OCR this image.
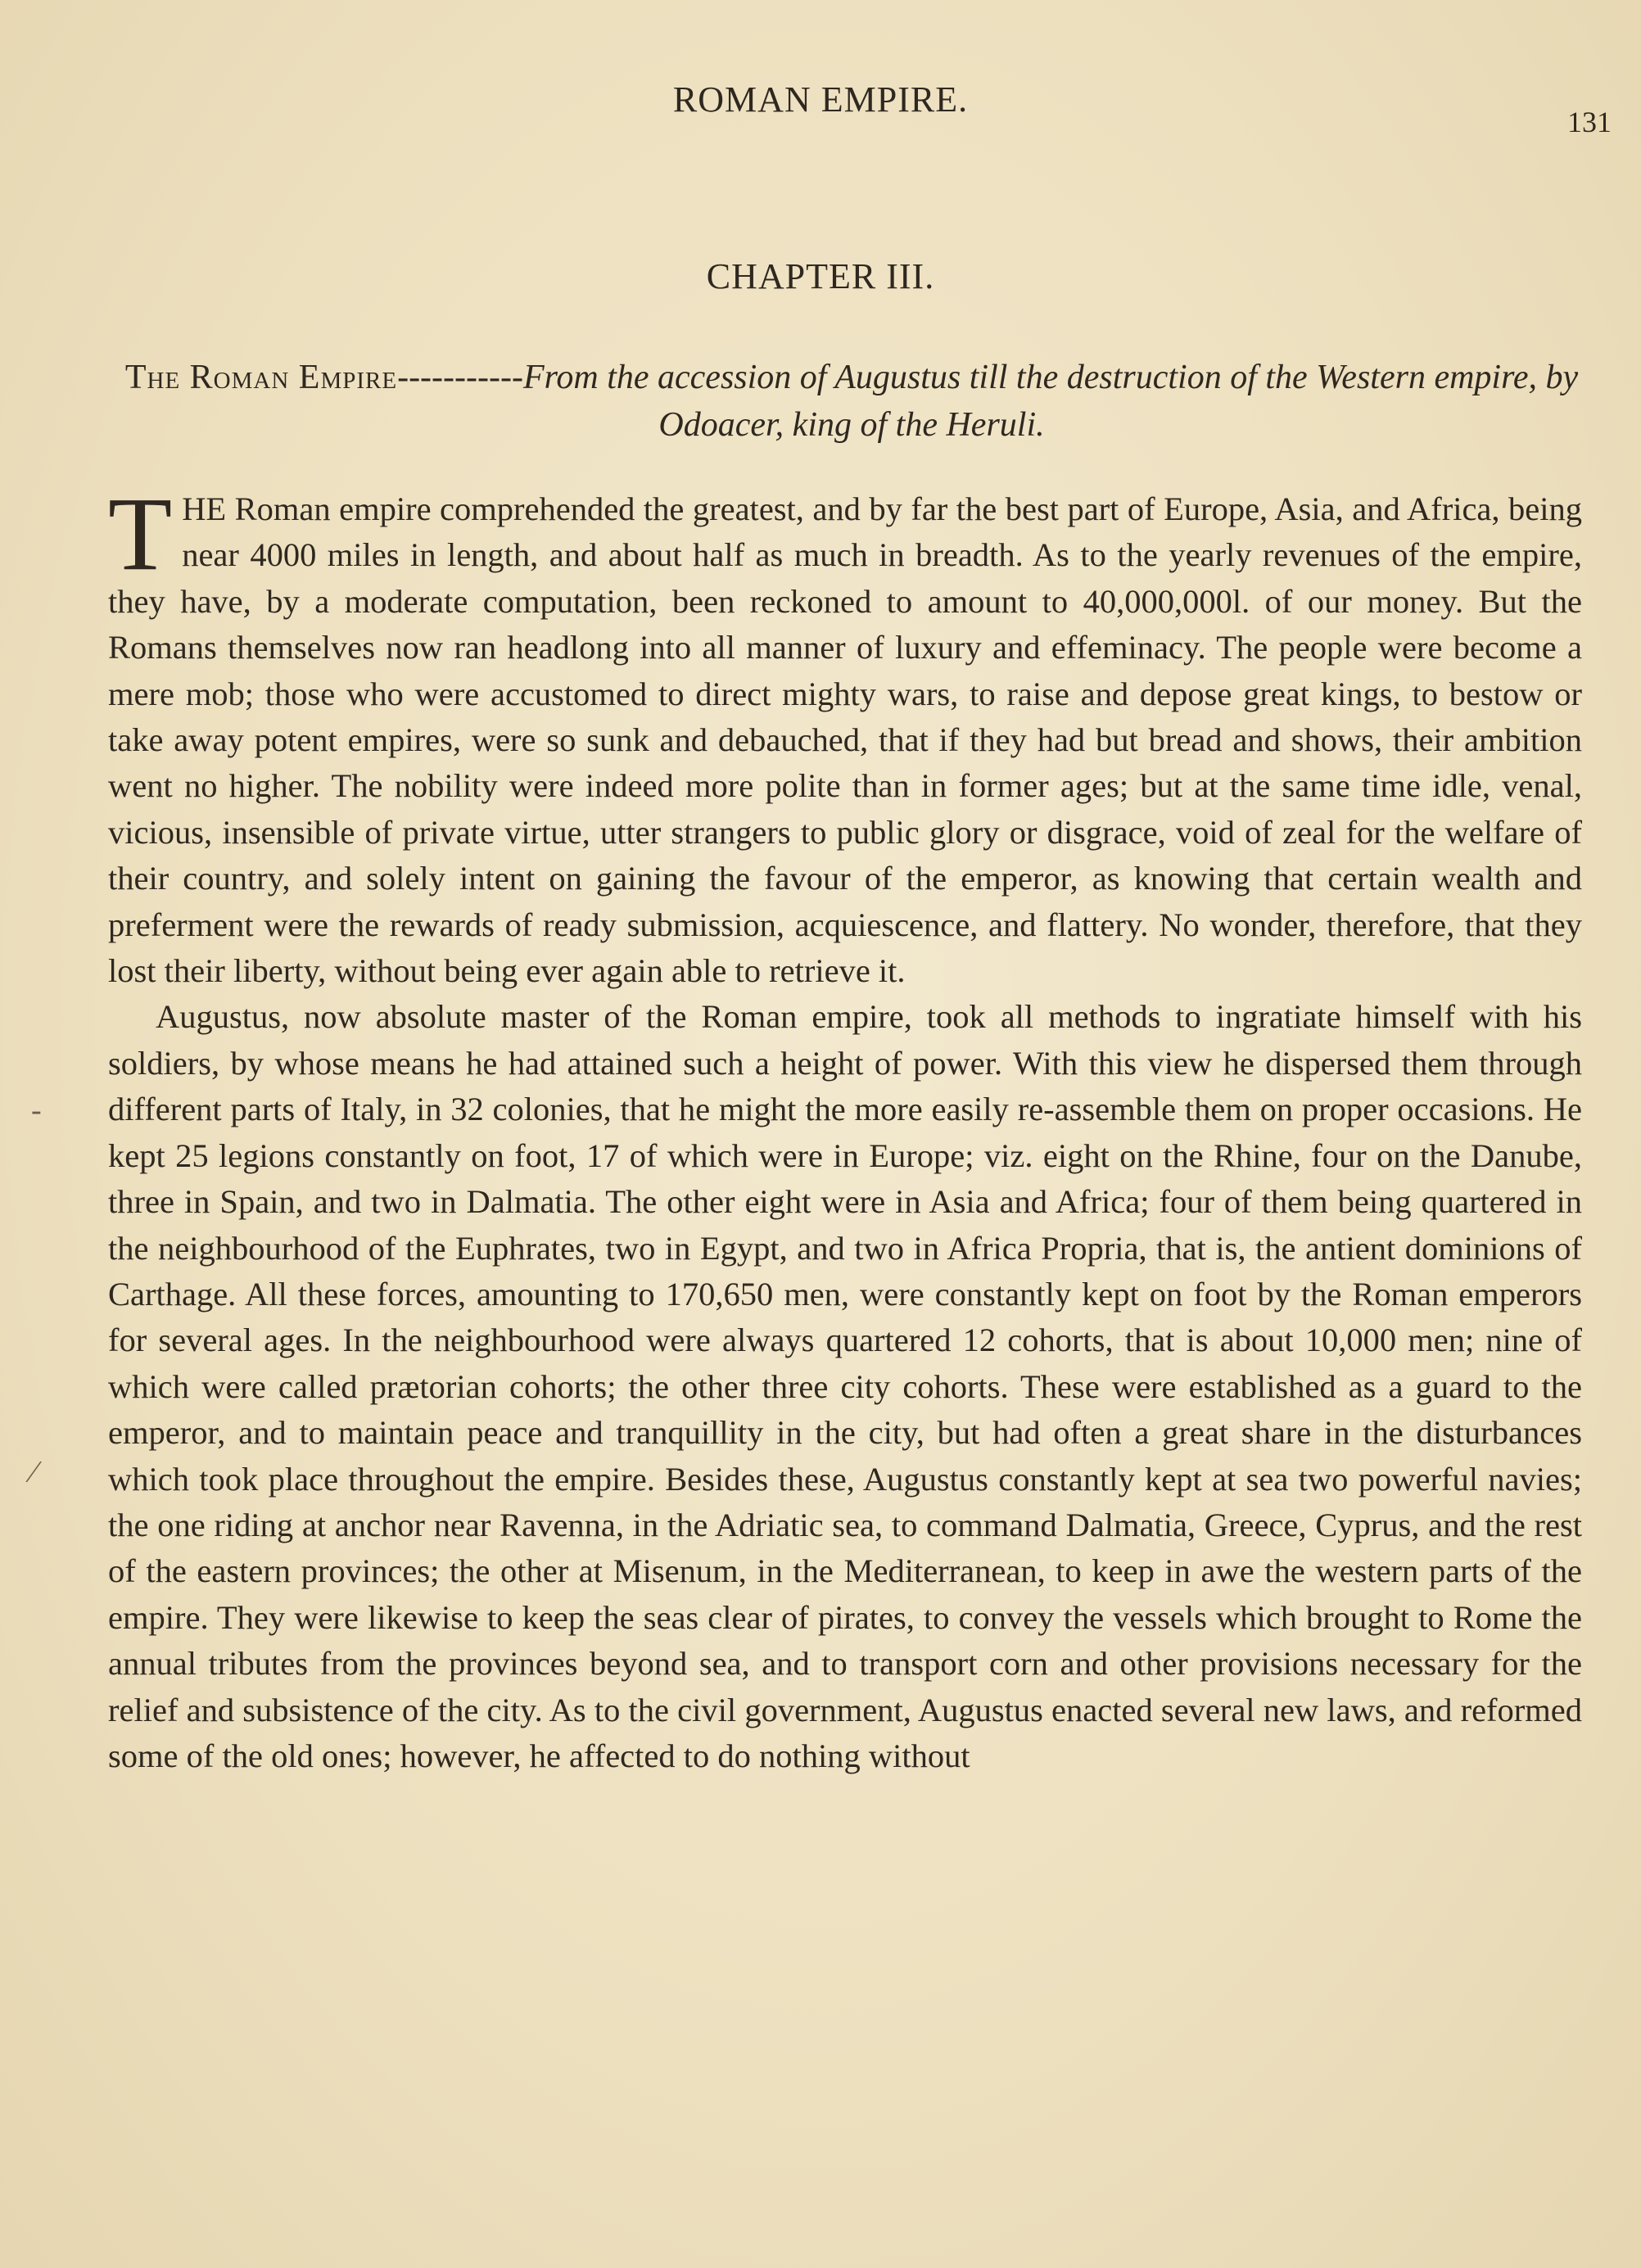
ROMAN EMPIRE.
131
CHAPTER III.
The Roman Empire-----------From the accession of Augustus till the destruction of the Western empire, by Odoacer, king of the Heruli.

THE Roman empire comprehended the greatest, and by far the best part of Europe, Asia, and Africa, being near 4000 miles in length, and about half as much in breadth. As to the yearly revenues of the empire, they have, by a moderate computation, been reckoned to amount to 40,000,000l. of our money. But the Romans themselves now ran headlong into all manner of luxury and effeminacy. The people were become a mere mob; those who were accustomed to direct mighty wars, to raise and depose great kings, to bestow or take away potent empires, were so sunk and debauched, that if they had but bread and shows, their ambition went no higher. The nobility were indeed more polite than in former ages; but at the same time idle, venal, vicious, insensible of private virtue, utter strangers to public glory or disgrace, void of zeal for the welfare of their country, and solely intent on gaining the favour of the emperor, as knowing that certain wealth and preferment were the rewards of ready submission, acquiescence, and flattery. No wonder, therefore, that they lost their liberty, without being ever again able to retrieve it.

Augustus, now absolute master of the Roman empire, took all methods to ingratiate himself with his soldiers, by whose means he had attained such a height of power. With this view he dispersed them through different parts of Italy, in 32 colonies, that he might the more easily re-assemble them on proper occasions. He kept 25 legions constantly on foot, 17 of which were in Europe; viz. eight on the Rhine, four on the Danube, three in Spain, and two in Dalmatia. The other eight were in Asia and Africa; four of them being quartered in the neighbourhood of the Euphrates, two in Egypt, and two in Africa Propria, that is, the antient dominions of Carthage. All these forces, amounting to 170,650 men, were constantly kept on foot by the Roman emperors for several ages. In the neighbourhood were always quartered 12 cohorts, that is about 10,000 men; nine of which were called prætorian cohorts; the other three city cohorts. These were established as a guard to the emperor, and to maintain peace and tranquillity in the city, but had often a great share in the disturbances which took place throughout the empire. Besides these, Augustus constantly kept at sea two powerful navies; the one riding at anchor near Ravenna, in the Adriatic sea, to command Dalmatia, Greece, Cyprus, and the rest of the eastern provinces; the other at Misenum, in the Mediterranean, to keep in awe the western parts of the empire. They were likewise to keep the seas clear of pirates, to convey the vessels which brought to Rome the annual tributes from the provinces beyond sea, and to transport corn and other provisions necessary for the relief and subsistence of the city. As to the civil government, Augustus enacted several new laws, and reformed some of the old ones; however, he affected to do nothing without

-
⁄
